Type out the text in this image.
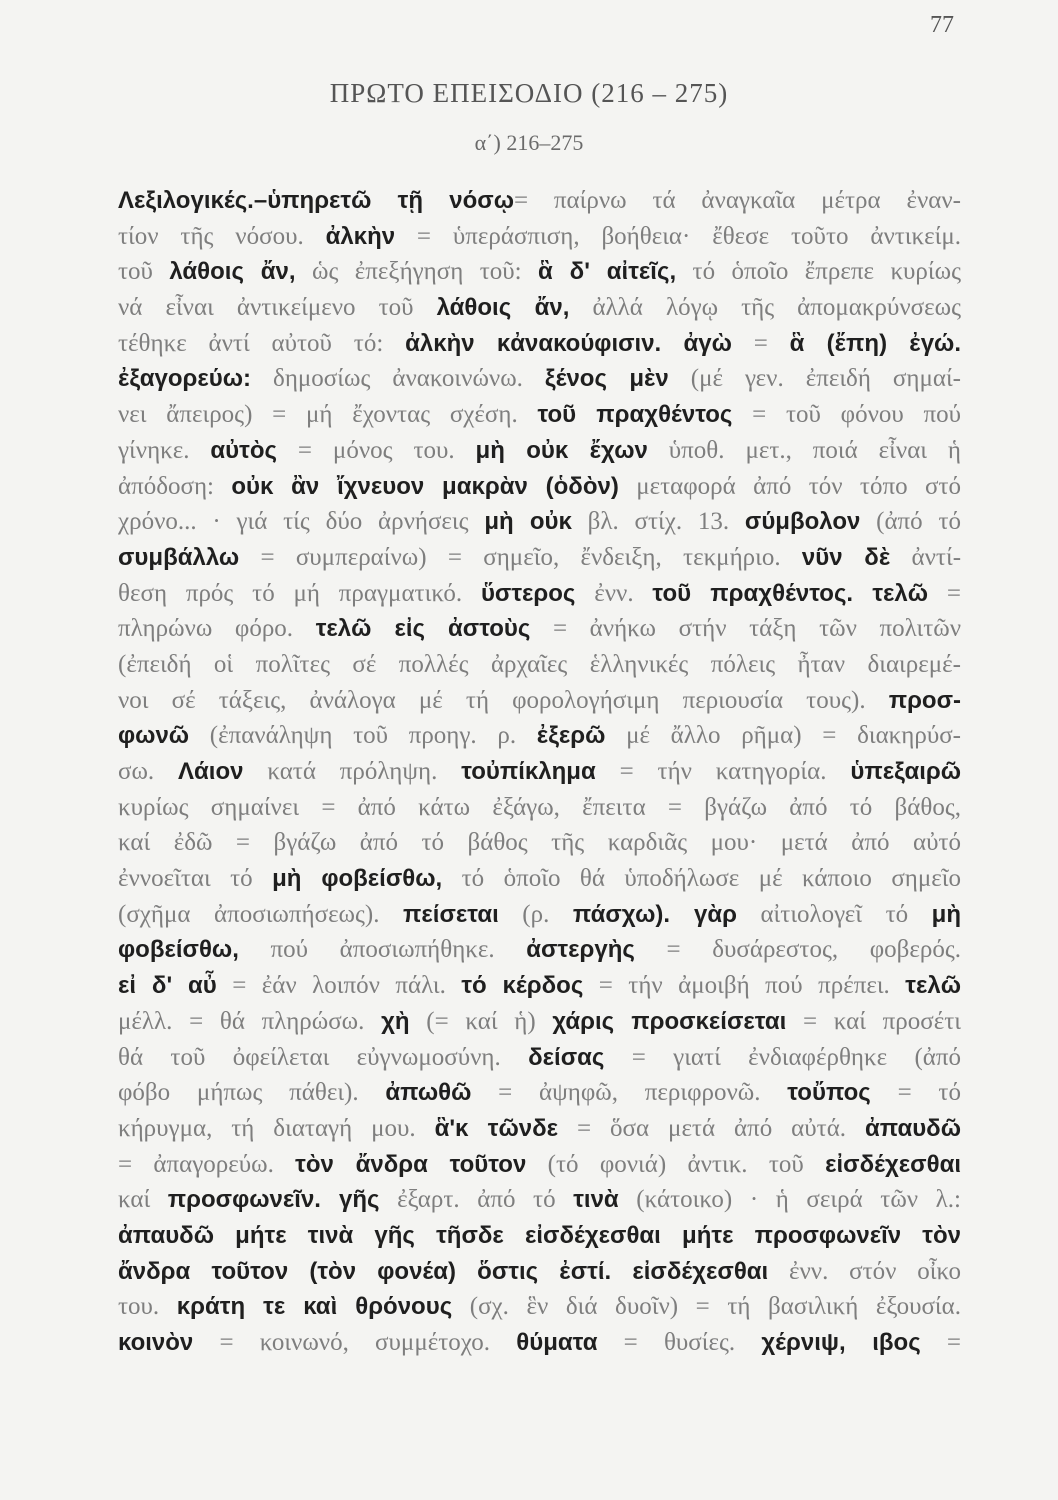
77
ΠΡΩΤΟ ΕΠΕΙΣΟΔΙΟ (216 – 275)
α΄) 216–275
Λεξιλογικές.–ὑπηρετῶ τῇ νόσῳ= παίρνω τά ἀναγκαῖα μέτρα ἐναν-
τίον τῆς νόσου. ἀλκὴν = ὑπεράσπιση, βοήθεια· ἔθεσε τοῦτο ἀντικείμ.
τοῦ λάθοις ἄν, ὡς ἐπεξήγηση τοῦ: ἃ δ' αἰτεῖς, τό ὁποῖο ἔπρεπε κυρίως
νά εἶναι ἀντικείμενο τοῦ λάθοις ἄν, ἀλλά λόγῳ τῆς ἀπομακρύνσεως
τέθηκε ἀντί αὐτοῦ τό: ἀλκὴν κἀνακούφισιν. ἀγὼ = ἃ (ἔπη) ἐγώ.
ἐξαγορεύω: δημοσίως ἀνακοινώνω. ξένος μὲν (μέ γεν. ἐπειδή σημαί-
νει ἄπειρος) = μή ἔχοντας σχέση. τοῦ πραχθέντος = τοῦ φόνου πού
γίνηκε. αὐτὸς = μόνος του. μὴ οὐκ ἔχων ὑποθ. μετ., ποιά εἶναι ἡ
ἀπόδοση: οὐκ ἂν ἴχνευον μακρὰν (ὁδὸν) μεταφορά ἀπό τόν τόπο στό
χρόνο... · γιά τίς δύο ἀρνήσεις μὴ οὐκ βλ. στίχ. 13. σύμβολον (ἀπό τό
συμβάλλω = συμπεραίνω) = σημεῖο, ἔνδειξη, τεκμήριο. νῦν δὲ ἀντί-
θεση πρός τό μή πραγματικό. ὕστερος ἐνν. τοῦ πραχθέντος. τελῶ =
πληρώνω φόρο. τελῶ εἰς ἀστοὺς = ἀνήκω στήν τάξη τῶν πολιτῶν
(ἐπειδή οἱ πολῖτες σέ πολλές ἀρχαῖες ἑλληνικές πόλεις ἦταν διαιρεμέ-
νοι σέ τάξεις, ἀνάλογα μέ τή φορολογήσιμη περιουσία τους). προσ-
φωνῶ (ἐπανάληψη τοῦ προηγ. ρ. ἐξερῶ μέ ἄλλο ρῆμα) = διακηρύσ-
σω. Λάιον κατά πρόληψη. τοὐπίκλημα = τήν κατηγορία. ὑπεξαιρῶ
κυρίως σημαίνει = ἀπό κάτω ἐξάγω, ἔπειτα = βγάζω ἀπό τό βάθος,
καί ἐδῶ = βγάζω ἀπό τό βάθος τῆς καρδιᾶς μου· μετά ἀπό αὐτό
ἐννοεῖται τό μὴ φοβείσθω, τό ὁποῖο θά ὑποδήλωσε μέ κάποιο σημεῖο
(σχῆμα ἀποσιωπήσεως). πείσεται (ρ. πάσχω). γὰρ αἰτιολογεῖ τό μὴ
φοβείσθω, πού ἀποσιωπήθηκε. ἀστεργὴς = δυσάρεστος, φοβερός.
εἰ δ' αὖ = ἐάν λοιπόν πάλι. τό κέρδος = τήν ἀμοιβή πού πρέπει. τελῶ
μέλλ. = θά πληρώσω. χὴ (= καί ἡ) χάρις προσκείσεται = καί προσέτι
θά τοῦ ὀφείλεται εὐγνωμοσύνη. δείσας = γιατί ἐνδιαφέρθηκε (ἀπό
φόβο μήπως πάθει). ἀπωθῶ = ἀψηφῶ, περιφρονῶ. τοὔπος = τό
κήρυγμα, τή διαταγή μου. ἃ'κ τῶνδε = ὅσα μετά ἀπό αὐτά. ἀπαυδῶ
= ἀπαγορεύω. τὸν ἄνδρα τοῦτον (τό φονιά) ἀντικ. τοῦ εἰσδέχεσθαι
καί προσφωνεῖν. γῆς ἐξαρτ. ἀπό τό τινὰ (κάτοικο) · ἡ σειρά τῶν λ.:
ἀπαυδῶ μήτε τινὰ γῆς τῆσδε εἰσδέχεσθαι μήτε προσφωνεῖν τὸν
ἄνδρα τοῦτον (τὸν φονέα) ὅστις ἐστί. εἰσδέχεσθαι ἐνν. στόν οἶκο
του. κράτη τε καὶ θρόνους (σχ. ἓν διά δυοῖν) = τή βασιλική ἐξουσία.
κοινὸν = κοινωνό, συμμέτοχο. θύματα = θυσίες. χέρνιψ, ιβος =
